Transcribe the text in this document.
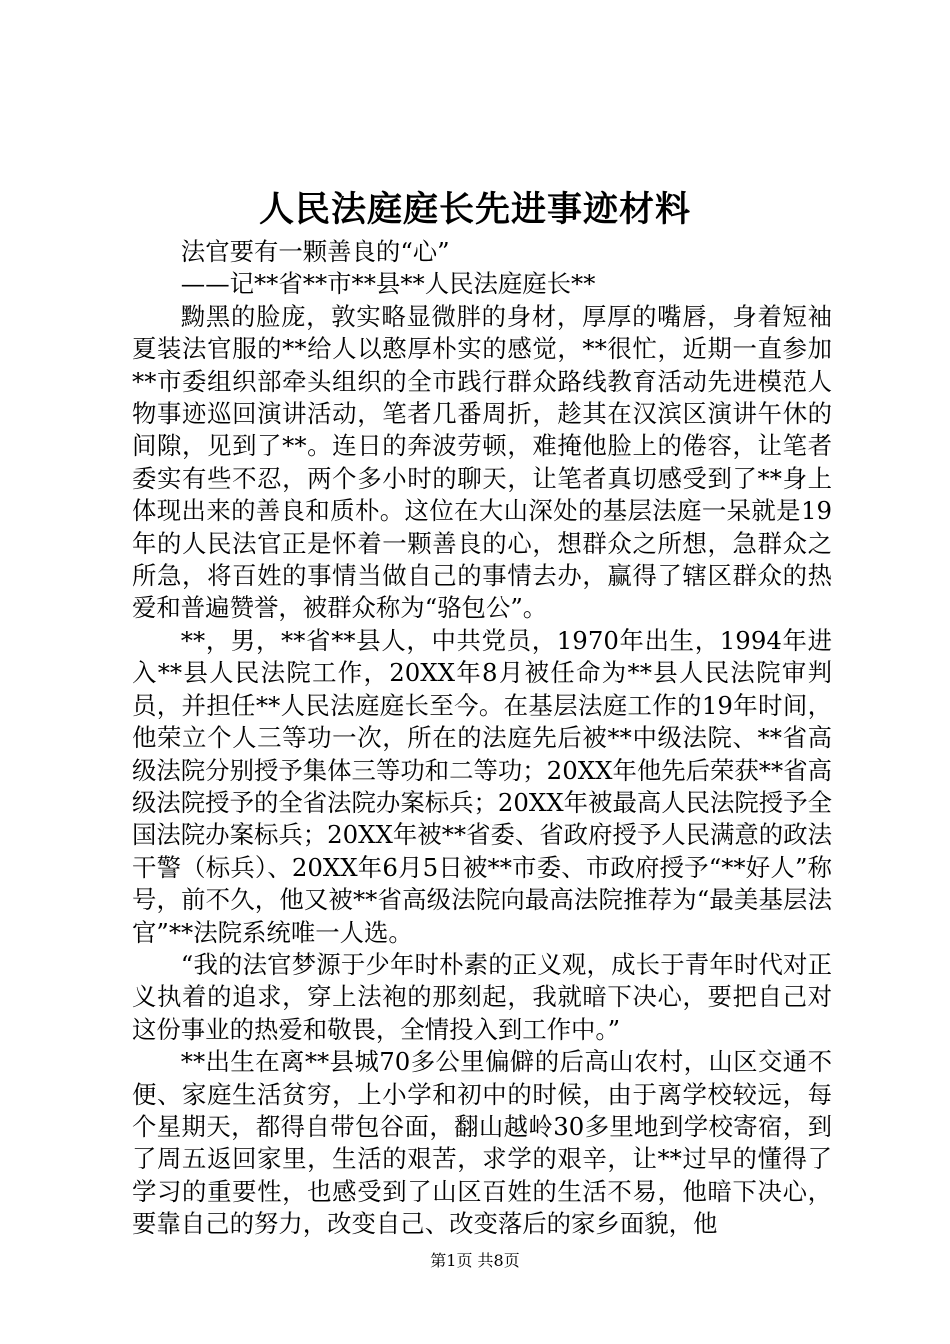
人民法庭庭长先进事迹材料

法官要有一颗善良的“心”

——记**省**市**县**人民法庭庭长**

黝黑的脸庞，敦实略显微胖的身材，厚厚的嘴唇，身着短袖夏装法官服的**给人以憨厚朴实的感觉，**很忙，近期一直参加**市委组织部牵头组织的全市践行群众路线教育活动先进模范人物事迹巡回演讲活动，笔者几番周折，趁其在汉滨区演讲午休的间隙，见到了**。连日的奔波劳顿，难掩他脸上的倦容，让笔者委实有些不忍，两个多小时的聊天，让笔者真切感受到了**身上体现出来的善良和质朴。这位在大山深处的基层法庭一呆就是19年的人民法官正是怀着一颗善良的心，想群众之所想，急群众之所急，将百姓的事情当做自己的事情去办，赢得了辖区群众的热爱和普遍赞誉，被群众称为“骆包公”。

**，男，**省**县人，中共党员，1970年出生，1994年进入**县人民法院工作，20XX年8月被任命为**县人民法院审判员，并担任**人民法庭庭长至今。在基层法庭工作的19年时间，他荣立个人三等功一次，所在的法庭先后被**中级法院、**省高级法院分别授予集体三等功和二等功；20XX年他先后荣获**省高级法院授予的全省法院办案标兵；20XX年被最高人民法院授予全国法院办案标兵；20XX年被**省委、省政府授予人民满意的政法干警（标兵）、20XX年6月5日被**市委、市政府授予“**好人”称号，前不久，他又被**省高级法院向最高法院推荐为“最美基层法官”**法院系统唯一人选。

“我的法官梦源于少年时朴素的正义观，成长于青年时代对正义执着的追求，穿上法袍的那刻起，我就暗下决心，要把自己对这份事业的热爱和敬畏，全情投入到工作中。”

**出生在离**县城70多公里偏僻的后高山农村，山区交通不便、家庭生活贫穷，上小学和初中的时候，由于离学校较远，每个星期天，都得自带包谷面，翻山越岭30多里地到学校寄宿，到了周五返回家里，生活的艰苦，求学的艰辛，让**过早的懂得了学习的重要性，也感受到了山区百姓的生活不易，他暗下决心，要靠自己的努力，改变自己、改变落后的家乡面貌，他

第1页 共8页
